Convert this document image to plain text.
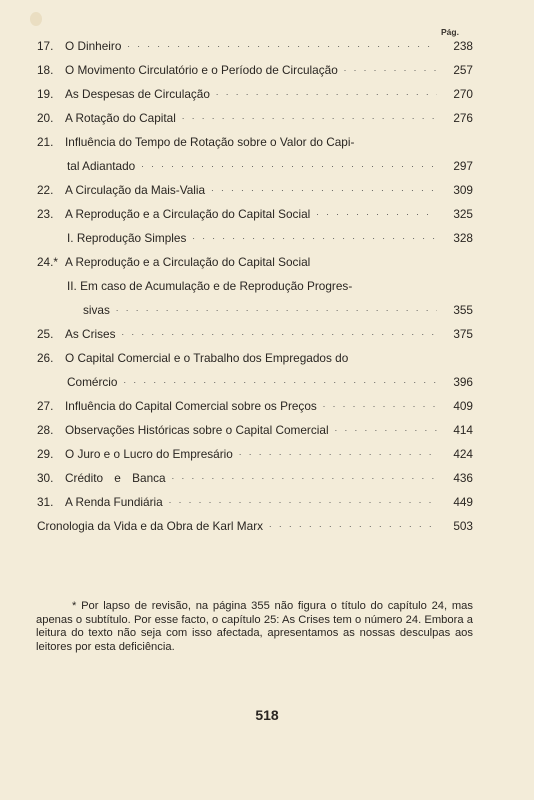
Pág.
17. O Dinheiro . . .	238
18. O Movimento Circulatório e o Período de Circulação . . .	257
19. As Despesas de Circulação . . .	270
20. A Rotação do Capital . . .	276
21. Influência do Tempo de Rotação sobre o Valor do Capi-
tal Adiantado . . .	297
22. A Circulação da Mais-Valia . . .	309
23. A Reprodução e a Circulação do Capital Social . . .	325
I. Reprodução Simples . . .	328
24.* A Reprodução e a Circulação do Capital Social
II. Em caso de Acumulação e de Reprodução Progres-
sivas . . .	355
25. As Crises . . .	375
26. O Capital Comercial e o Trabalho dos Empregados do
Comércio . . .	396
27. Influência do Capital Comercial sobre os Preços . . .	409
28. Observações Históricas sobre o Capital Comercial . . .	414
29. O Juro e o Lucro do Empresário . . .	424
30. Crédito e Banca . . .	436
31. A Renda Fundiária . . .	449
Cronologia da Vida e da Obra de Karl Marx . . .	503
* Por lapso de revisão, na página 355 não figura o título do capítulo 24, mas apenas o subtítulo. Por esse facto, o capítulo 25: As Crises tem o número 24. Embora a leitura do texto não seja com isso afectada, apresentamos as nossas desculpas aos leitores por esta deficiência.
518
